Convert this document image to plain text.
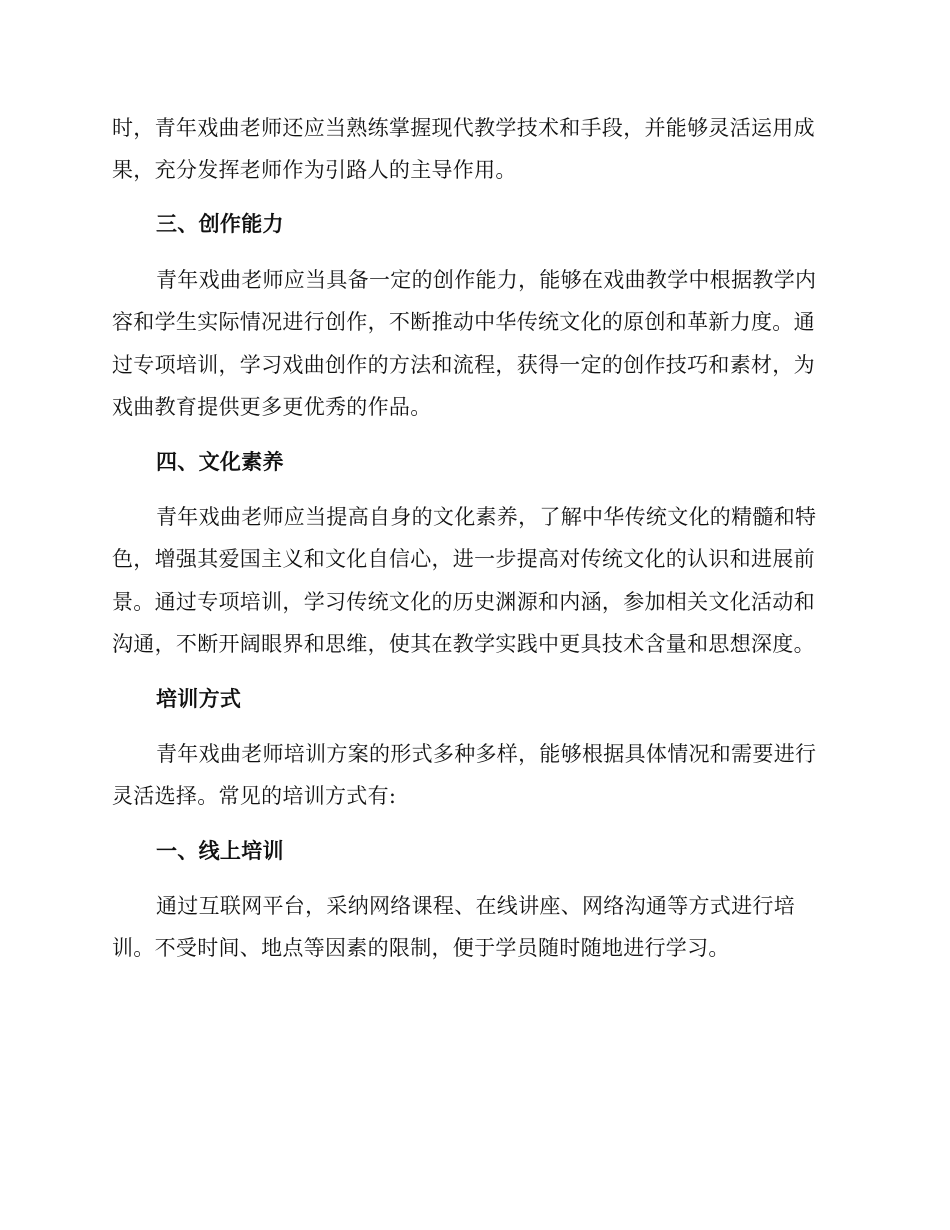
时，青年戏曲老师还应当熟练掌握现代教学技术和手段，并能够灵活运用成
果，充分发挥老师作为引路人的主导作用。
三、创作能力
青年戏曲老师应当具备一定的创作能力，能够在戏曲教学中根据教学内
容和学生实际情况进行创作，不断推动中华传统文化的原创和革新力度。通
过专项培训，学习戏曲创作的方法和流程，获得一定的创作技巧和素材，为
戏曲教育提供更多更优秀的作品。
四、文化素养
青年戏曲老师应当提高自身的文化素养，了解中华传统文化的精髓和特
色，增强其爱国主义和文化自信心，进一步提高对传统文化的认识和进展前
景。通过专项培训，学习传统文化的历史渊源和内涵，参加相关文化活动和
沟通，不断开阔眼界和思维，使其在教学实践中更具技术含量和思想深度。
培训方式
青年戏曲老师培训方案的形式多种多样，能够根据具体情况和需要进行
灵活选择。常见的培训方式有:
一、线上培训
通过互联网平台，采纳网络课程、在线讲座、网络沟通等方式进行培
训。不受时间、地点等因素的限制，便于学员随时随地进行学习。
